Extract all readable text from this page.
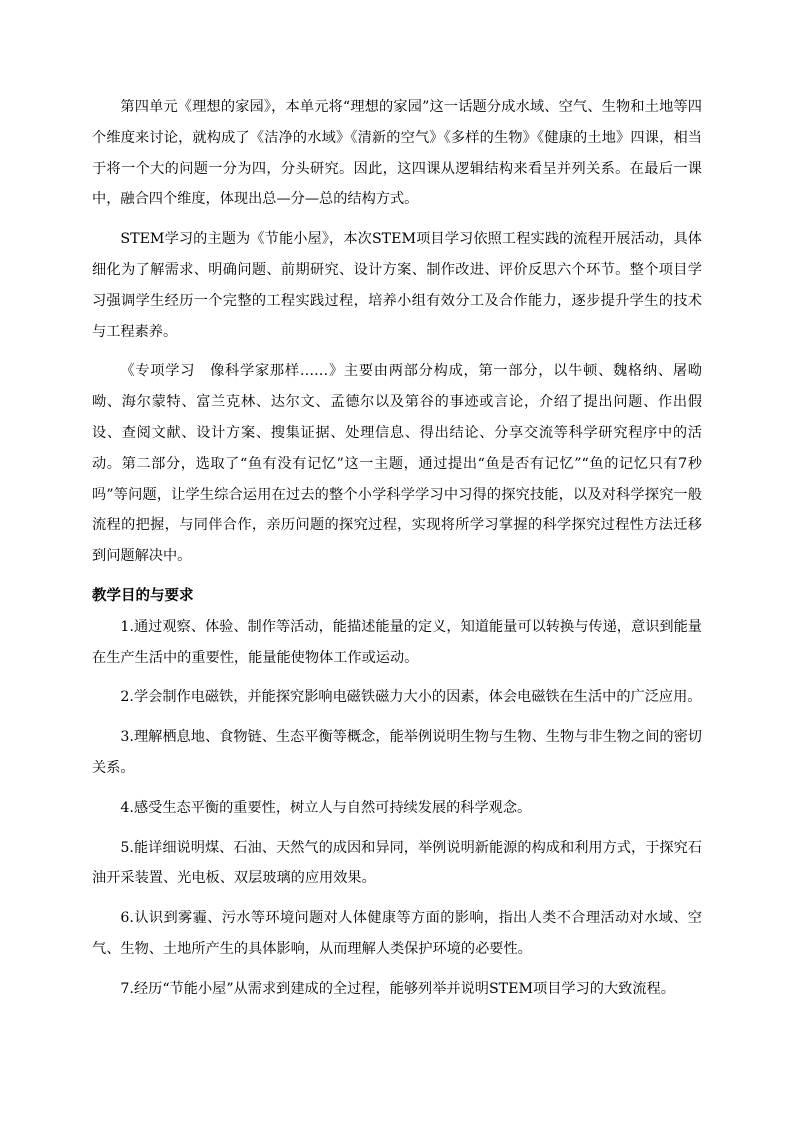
第四单元《理想的家园》，本单元将“理想的家园”这一话题分成水域、空气、生物和土地等四个维度来讨论，就构成了《洁净的水域》《清新的空气》《多样的生物》《健康的土地》四课，相当于将一个大的问题一分为四，分头研究。因此，这四课从逻辑结构来看呈并列关系。在最后一课中，融合四个维度，体现出总—分—总的结构方式。

STEM学习的主题为《节能小屋》，本次STEM项目学习依照工程实践的流程开展活动，具体细化为了解需求、明确问题、前期研究、设计方案、制作改进、评价反思六个环节。整个项目学习强调学生经历一个完整的工程实践过程，培养小组有效分工及合作能力，逐步提升学生的技术与工程素养。

《专项学习　像科学家那样……》主要由两部分构成，第一部分，以牛顿、魏格纳、屠呦呦、海尔蒙特、富兰克林、达尔文、孟德尔以及第谷的事迹或言论，介绍了提出问题、作出假设、查阅文献、设计方案、搜集证据、处理信息、得出结论、分享交流等科学研究程序中的活动。第二部分，选取了“鱼有没有记忆”这一主题，通过提出“鱼是否有记忆”“鱼的记忆只有7秒吗”等问题，让学生综合运用在过去的整个小学科学学习中习得的探究技能，以及对科学探究一般流程的把握，与同伴合作，亲历问题的探究过程，实现将所学习掌握的科学探究过程性方法迁移到问题解决中。

教学目的与要求

1.通过观察、体验、制作等活动，能描述能量的定义，知道能量可以转换与传递，意识到能量在生产生活中的重要性，能量能使物体工作或运动。

2.学会制作电磁铁，并能探究影响电磁铁磁力大小的因素，体会电磁铁在生活中的广泛应用。

3.理解栖息地、食物链、生态平衡等概念，能举例说明生物与生物、生物与非生物之间的密切关系。

4.感受生态平衡的重要性，树立人与自然可持续发展的科学观念。

5.能详细说明煤、石油、天然气的成因和异同，举例说明新能源的构成和利用方式，于探究石油开采装置、光电板、双层玻璃的应用效果。

6.认识到雾霾、污水等环境问题对人体健康等方面的影响，指出人类不合理活动对水域、空气、生物、土地所产生的具体影响，从而理解人类保护环境的必要性。

7.经历“节能小屋”从需求到建成的全过程，能够列举并说明STEM项目学习的大致流程。
